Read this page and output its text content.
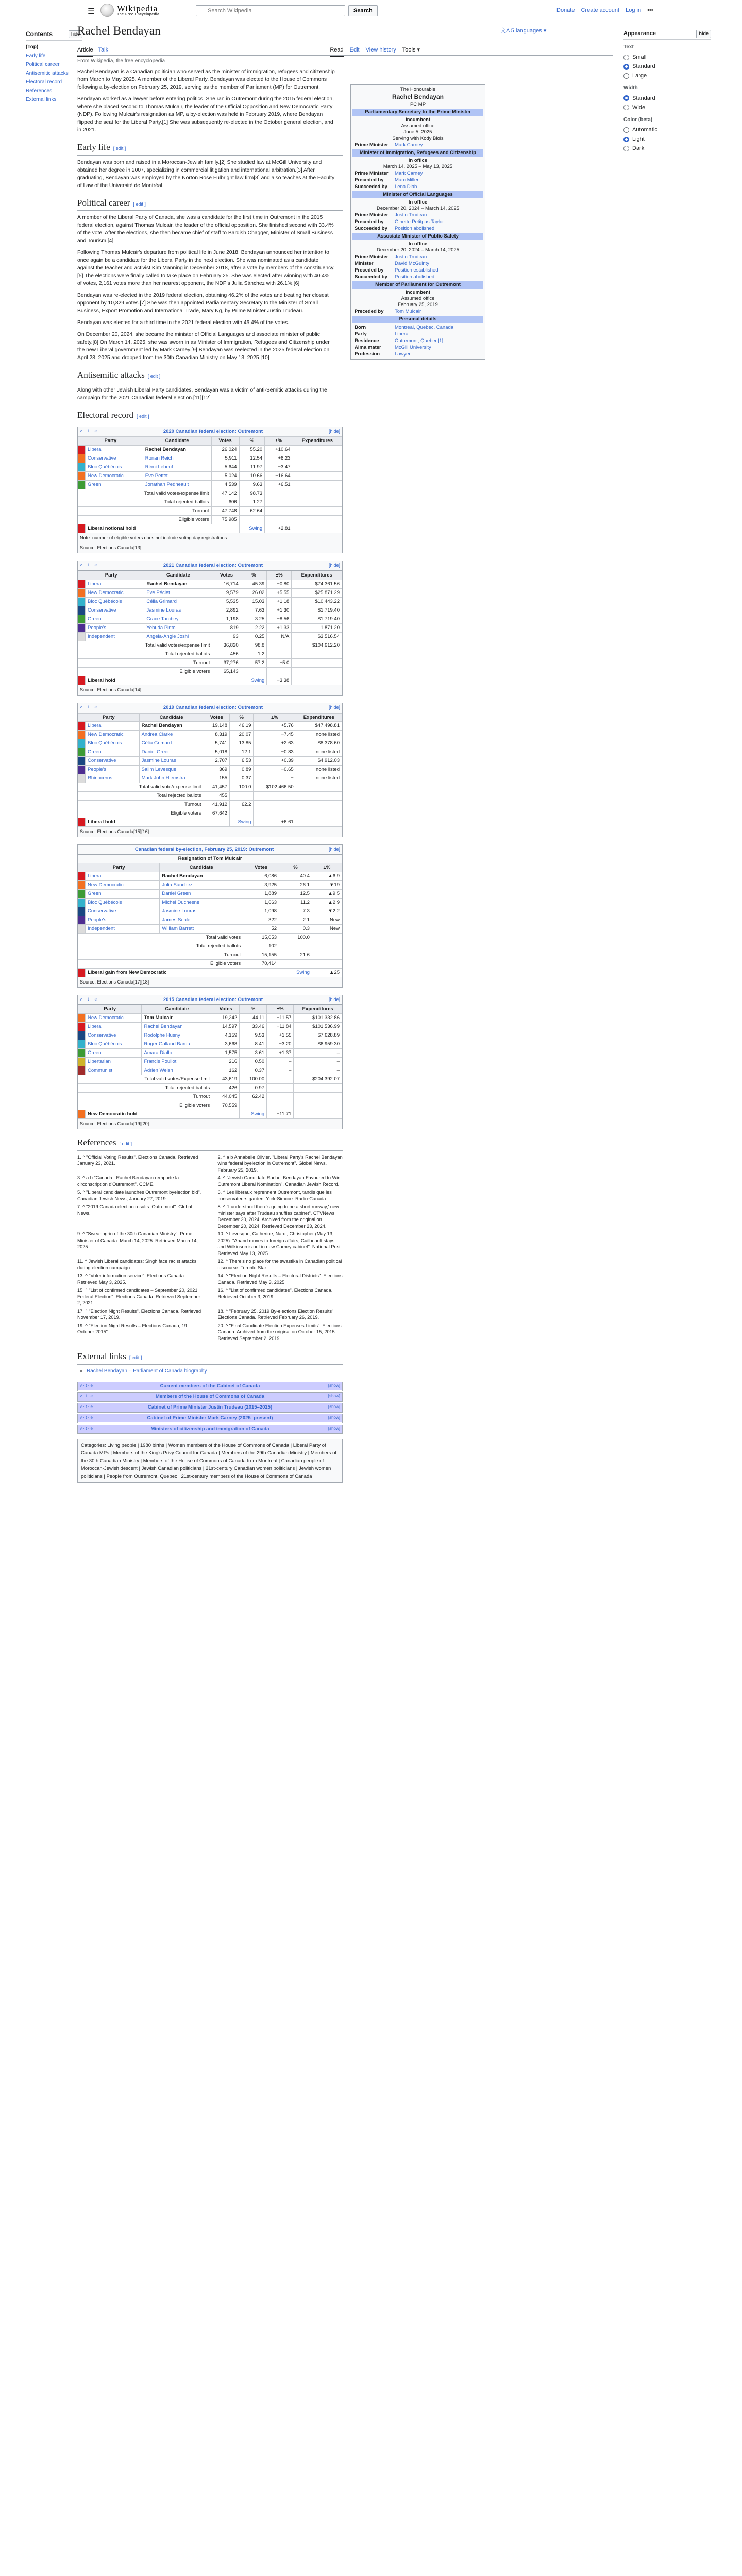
☰	Wikipedia
The Free Encyclopedia
Search Wikipedia
Search	Donate Create account Log in •••
Contents	hide
(Top)
Early life
Political career
Antisemitic attacks
Electoral record
References
External links
Appearance	hide
Text
Small
Standard
Large
Width
Standard
Wide
Color (beta)
Automatic
Light
Dark
Rachel Bendayan	文A 5 languages ▾
Article Talk	Read Edit View history Tools ▾
From Wikipedia, the free encyclopedia
The Honourable
Rachel Bendayan
PC MP
Parliamentary Secretary to the Prime Minister
Incumbent
Assumed office
June 5, 2025
Serving with Kody Blois
Prime Minister	Mark Carney
Minister of Immigration, Refugees and Citizenship
In office
March 14, 2025 – May 13, 2025
Prime Minister	Mark Carney
Preceded by	Marc Miller
Succeeded by	Lena Diab
Minister of Official Languages
In office
December 20, 2024 – March 14, 2025
Prime Minister	Justin Trudeau
Preceded by	Ginette Petitpas Taylor
Succeeded by	Position abolished
Associate Minister of Public Safety
In office
December 20, 2024 – March 14, 2025
Prime Minister	Justin Trudeau
Minister	David McGuinty
Preceded by	Position established
Succeeded by	Position abolished
Member of Parliament for Outremont
Incumbent
Assumed office
February 25, 2019
Preceded by	Tom Mulcair
Personal details
Born	Montreal, Quebec, Canada
Party	Liberal
Residence	Outremont, Quebec[1]
Alma mater	McGill University
Profession	Lawyer

Rachel Bendayan is a Canadian politician who served as the minister of immigration, refugees and citizenship from March to May 2025. A member of the Liberal Party, Bendayan was elected to the House of Commons following a by-election on February 25, 2019, serving as the member of Parliament (MP) for Outremont.

Bendayan worked as a lawyer before entering politics. She ran in Outremont during the 2015 federal election, where she placed second to Thomas Mulcair, the leader of the Official Opposition and New Democratic Party (NDP). Following Mulcair's resignation as MP, a by-election was held in February 2019, where Bendayan flipped the seat for the Liberal Party.[1] She was subsequently re-elected in the October general election, and in 2021.

Early life [ edit ]

Bendayan was born and raised in a Moroccan-Jewish family.[2] She studied law at McGill University and obtained her degree in 2007, specializing in commercial litigation and international arbitration.[3] After graduating, Bendayan was employed by the Norton Rose Fulbright law firm[3] and also teaches at the Faculty of Law of the Université de Montréal.

Political career [ edit ]

A member of the Liberal Party of Canada, she was a candidate for the first time in Outremont in the 2015 federal election, against Thomas Mulcair, the leader of the official opposition. She finished second with 33.4% of the vote. After the elections, she then became chief of staff to Bardish Chagger, Minister of Small Business and Tourism.[4]

Following Thomas Mulcair's departure from political life in June 2018, Bendayan announced her intention to once again be a candidate for the Liberal Party in the next election. She was nominated as a candidate against the teacher and activist Kim Manning in December 2018, after a vote by members of the constituency.[5] The elections were finally called to take place on February 25. She was elected after winning with 40.4% of votes, 2,161 votes more than her nearest opponent, the NDP's Julia Sánchez with 26.1%.[6]

Bendayan was re-elected in the 2019 federal election, obtaining 46.2% of the votes and beating her closest opponent by 10,829 votes.[7] She was then appointed Parliamentary Secretary to the Minister of Small Business, Export Promotion and International Trade, Mary Ng, by Prime Minister Justin Trudeau.

Bendayan was elected for a third time in the 2021 federal election with 45.4% of the votes.

On December 20, 2024, she became the minister of Official Languages and associate minister of public safety.[8] On March 14, 2025, she was sworn in as Minister of Immigration, Refugees and Citizenship under the new Liberal government led by Mark Carney.[9] Bendayan was reelected in the 2025 federal election on April 28, 2025 and dropped from the 30th Canadian Ministry on May 13, 2025.[10]

Antisemitic attacks [ edit ]

Along with other Jewish Liberal Party candidates, Bendayan was a victim of anti-Semitic attacks during the campaign for the 2021 Canadian federal election.[11][12]

Electoral record [ edit ]
v · t · e	2020 Canadian federal election: Outremont	[hide]
Party		Candidate	Votes	%	±%	Expenditures
	Liberal	Rachel Bendayan	26,024	55.20	+10.64	
	Conservative	Ronan Reich	5,911	12.54	+6.23	
	Bloc Québécois	Rémi Lebeuf	5,644	11.97	−3.47	
	New Democratic	Eve Pettet	5,024	10.66	−16.64	
	Green	Jonathan Pedneault	4,539	9.63	+6.51	
Total valid votes/expense limit			47,142	98.73		
Total rejected ballots			606	1.27		
Turnout			47,748	62.64		
Eligible voters			75,985			
	Liberal notional hold			Swing	+2.81	
Note: number of eligible voters does not include voting day registrations.
Source: Elections Canada[13]
v · t · e	2021 Canadian federal election: Outremont	[hide]
Party		Candidate	Votes	%	±%	Expenditures
	Liberal	Rachel Bendayan	16,714	45.39	−0.80	$74,361.56
	New Democratic	Eve Péclet	9,579	26.02	+5.55	$25,871.29
	Bloc Québécois	Célia Grimard	5,535	15.03	+1.18	$10,443.22
	Conservative	Jasmine Louras	2,892	7.63	+1.30	$1,719.40
	Green	Grace Tarabey	1,198	3.25	−8.56	$1,719.40
	People's	Yehuda Pinto	819	2.22	+1.33	1,871.20
	Independent	Angela-Angie Joshi	93	0.25	N/A	$3,516.54
Total valid votes/expense limit			36,820	98.8		$104,612.20
Total rejected ballots			456	1.2		
Turnout			37,276	57.2	−5.0	
Eligible voters			65,143			
	Liberal hold			Swing	−3.38	
Source: Elections Canada[14]
v · t · e	2019 Canadian federal election: Outremont	[hide]
Party		Candidate	Votes	%	±%	Expenditures
	Liberal	Rachel Bendayan	19,148	46.19	+5.76	$47,498.81
	New Democratic	Andrea Clarke	8,319	20.07	−7.45	none listed
	Bloc Québécois	Célia Grimard	5,741	13.85	+2.63	$8,378.60
	Green	Daniel Green	5,018	12.1	−0.83	none listed
	Conservative	Jasmine Louras	2,707	6.53	+0.39	$4,912.03
	People's	Salim Levesque	369	0.89	−0.65	none listed
	Rhinoceros	Mark John Hiemstra	155	0.37	−	none listed
Total valid vote/expense limit			41,457	100.0	$102,466.50	
Total rejected ballots			455			
Turnout			41,912	62.2		
Eligible voters			67,642			
	Liberal hold			Swing	+6.61	
Source: Elections Canada[15][16]
Canadian federal by-election, February 25, 2019: Outremont	[hide]
Resignation of Tom Mulcair
Party		Candidate	Votes	%	±%
	Liberal	Rachel Bendayan	6,086	40.4	▲6.9
	New Democratic	Julia Sánchez	3,925	26.1	▼19
	Green	Daniel Green	1,889	12.5	▲9.5
	Bloc Québécois	Michel Duchesne	1,663	11.2	▲2.9
	Conservative	Jasmine Louras	1,098	7.3	▼2.2
	People's	James Seale	322	2.1	New
	Independent	William Barrett	52	0.3	New
Total valid votes			15,053	100.0	
Total rejected ballots			102		
Turnout			15,155	21.6	
Eligible voters			70,414		
	Liberal gain from New Democratic			Swing	▲25
Source: Elections Canada[17][18]
v · t · e	2015 Canadian federal election: Outremont	[hide]
Party		Candidate	Votes	%	±%	Expenditures
	New Democratic	Tom Mulcair	19,242	44.11	−11.57	$101,332.86
	Liberal	Rachel Bendayan	14,597	33.46	+11.84	$101,536.99
	Conservative	Rodolphe Husny	4,159	9.53	+1.55	$7,628.89
	Bloc Québécois	Roger Galland Barou	3,668	8.41	−3.20	$6,959.30
	Green	Amara Diallo	1,575	3.61	+1.37	–
	Libertarian	Francis Pouliot	216	0.50	–	–
	Communist	Adrien Welsh	162	0.37	–	–
Total valid votes/Expense limit			43,619	100.00		$204,392.07
Total rejected ballots			426	0.97		
Turnout			44,045	62.42		
Eligible voters			70,559			
	New Democratic hold			Swing	−11.71	
Source: Elections Canada[19][20]
References [ edit ]
1. ^ "Official Voting Results". Elections Canada. Retrieved January 23, 2021.
2. ^ a b Annabelle Olivier. "Liberal Party's Rachel Bendayan wins federal byelection in Outremont". Global News, February 25, 2019.
3. ^ a b "Canada : Rachel Bendayan remporte la circonscription d'Outremont". CCME.
4. ^ "Jewish Candidate Rachel Bendayan Favoured to Win Outremont Liberal Nomination". Canadian Jewish Record.
5. ^ "Liberal candidate launches Outremont byelection bid". Canadian Jewish News, January 27, 2019.
6. ^ Les libéraux reprennent Outremont, tandis que les conservateurs gardent York-Simcoe. Radio-Canada.
7. ^ "2019 Canada election results: Outremont". Global News.
8. ^ "I understand there's going to be a short runway,' new minister says after Trudeau shuffles cabinet". CTVNews. December 20, 2024. Archived from the original on December 20, 2024. Retrieved December 23, 2024.
9. ^ "Swearing-in of the 30th Canadian Ministry". Prime Minister of Canada. March 14, 2025. Retrieved March 14, 2025.
10. ^ Levesque, Catherine; Nardi, Christopher (May 13, 2025). "Anand moves to foreign affairs, Guilbeault stays and Wilkinson is out in new Carney cabinet". National Post. Retrieved May 13, 2025.
11. ^ Jewish Liberal candidates: Singh face racist attacks during election campaign
12. ^ There's no place for the swastika in Canadian political discourse. Toronto Star
13. ^ "Voter information service". Elections Canada. Retrieved May 3, 2025.
14. ^ "Election Night Results – Electoral Districts". Elections Canada. Retrieved May 3, 2025.
15. ^ "List of confirmed candidates – September 20, 2021 Federal Election". Elections Canada. Retrieved September 2, 2021.
16. ^ "List of confirmed candidates". Elections Canada. Retrieved October 3, 2019.
17. ^ "Election Night Results". Elections Canada. Retrieved November 17, 2019.
18. ^ "February 25, 2019 By-elections Election Results". Elections Canada. Retrieved February 26, 2019.
19. ^ "Election Night Results – Elections Canada, 19 October 2015".
20. ^ "Final Candidate Election Expenses Limits". Elections Canada. Archived from the original on October 15, 2015. Retrieved September 2, 2019.
External links [ edit ]
• Rachel Bendayan – Parliament of Canada biography
v · t · e	Current members of the Cabinet of Canada	[show]
v · t · e	Members of the House of Commons of Canada	[show]
v · t · e	Cabinet of Prime Minister Justin Trudeau (2015–2025)	[show]
v · t · e	Cabinet of Prime Minister Mark Carney (2025–present)	[show]
v · t · e	Ministers of citizenship and immigration of Canada	[show]
Categories: Living people | 1980 births | Women members of the House of Commons of Canada | Liberal Party of Canada MPs | Members of the King's Privy Council for Canada | Members of the 29th Canadian Ministry | Members of the 30th Canadian Ministry | Members of the House of Commons of Canada from Montreal | Canadian people of Moroccan-Jewish descent | Jewish Canadian politicians | 21st-century Canadian women politicians | Jewish women politicians | People from Outremont, Quebec | 21st-century members of the House of Commons of Canada
